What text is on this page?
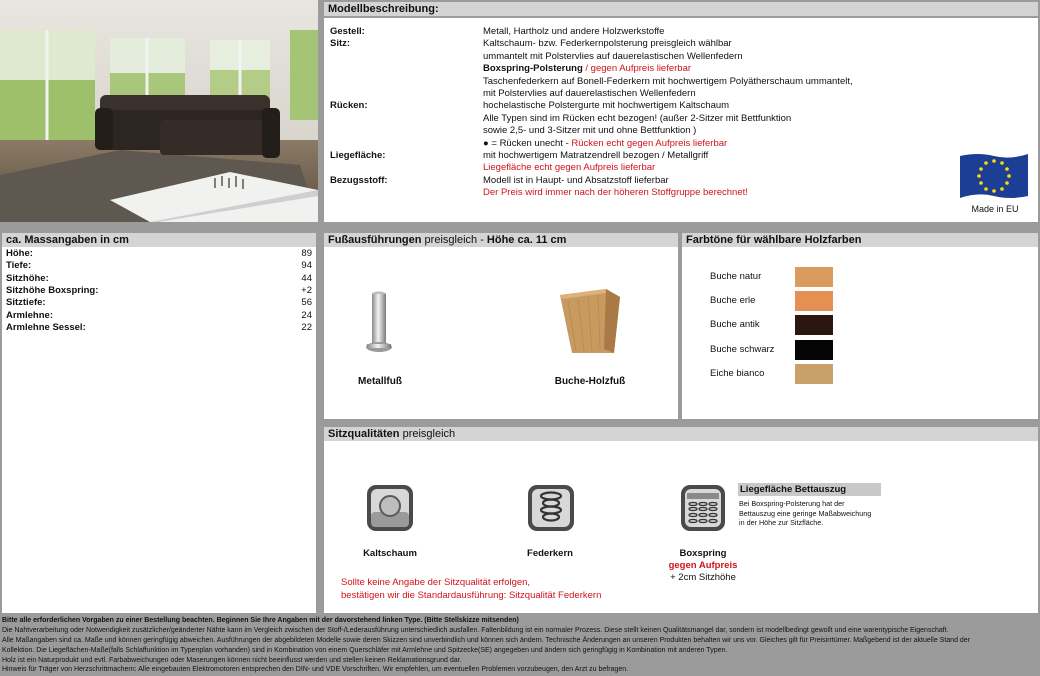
Modellbeschreibung:
Gestell:	Metall, Hartholz und andere Holzwerkstoffe
Sitz:	Kaltschaum- bzw. Federkernpolsterung preisgleich wählbar
ummantelt mit Polstervlies auf dauerelastischen Wellenfedern
Boxspring-Polsterung / gegen Aufpreis lieferbar
Taschenfederkern auf Bonell-Federkern mit hochwertigem Polyätherschaum ummantelt,
mit Polstervlies auf dauerelastischen Wellenfedern
Rücken:	hochelastische Polstergurte mit hochwertigem Kaltschaum
Alle Typen sind im Rücken echt bezogen! (außer 2-Sitzer mit Bettfunktion
sowie 2,5- und 3-Sitzer mit und ohne Bettfunktion )
● = Rücken unecht - Rücken echt gegen Aufpreis lieferbar
Liegefläche:	mit hochwertigem Matratzendrell bezogen / Metallgriff
Liegefläche echt gegen Aufpreis lieferbar
Bezugsstoff:	Modell ist in Haupt- und Absatzstoff lieferbar
Der Preis wird immer nach der höheren Stoffgruppe berechnet!
Made in EU
ca. Massangaben in cm
Höhe:	89
Tiefe:	94
Sitzhöhe:	44
Sitzhöhe Boxspring:	+2
Sitztiefe:	56
Armlehne:	24
Armlehne Sessel:	22
Fußausführungen preisgleich - Höhe ca. 11 cm
Metallfuß	Buche-Holzfuß
Farbtöne für wählbare Holzfarben
Buche natur
Buche erle
Buche antik
Buche schwarz
Eiche bianco
Sitzqualitäten preisgleich
Kaltschaum	Federkern	Boxspring
gegen Aufpreis
+ 2cm Sitzhöhe
Liegefläche Bettauszug
Bei Boxspring-Polsterung hat der
Bettauszug eine geringe Maßabweichung
in der Höhe zur Sitzfläche.
Sollte keine Angabe der Sitzqualität erfolgen,
bestätigen wir die Standardausführung: Sitzqualität Federkern
Bitte alle erforderlichen Vorgaben zu einer Bestellung beachten. Beginnen Sie Ihre Angaben mit der davorstehend linken Type. (Bitte Stellskizze mitsenden)
Die Nahtverarbeitung oder Notwendigkeit zusätzlicher/geänderter Nähte kann im Vergleich zwischen der Stoff-/Lederausführung unterschiedlich ausfallen. Faltenbildung ist ein normaler Prozess. Diese stellt keinen Qualitätsmangel dar, sondern ist modellbedingt gewollt und eine warentypische Eigenschaft.
Alle Maßangaben sind ca. Maße und können geringfügig abweichen. Ausführungen der abgebildeten Modelle sowie deren Skizzen sind unverbindlich und können sich ändern. Technische Änderungen an unseren Produkten behalten wir uns vor. Gleiches gilt für Preisirrtümer. Maßgebend ist der aktuelle Stand der
Kollektion. Die Liegeflächen-Maße(falls Schlaffunktion im Typenplan vorhanden) sind in Kombination von einem Querschläfer mit Armlehne und Spitzecke(SE) angegeben und ändern sich geringfügig in Kombination mit anderen Typen.
Holz ist ein Naturprodukt und evtl. Farbabweichungen oder Maserungen können nicht beeinflusst werden und stellen keinen Reklamationsgrund dar.
Hinweis für Träger von Herzschrittmachern: Alle eingebauten Elektromotoren entsprechen den DIN- und VDE Vorschriften. Wir empfehlen, um eventuellen Problemen vorzubeugen, den Arzt zu befragen.
